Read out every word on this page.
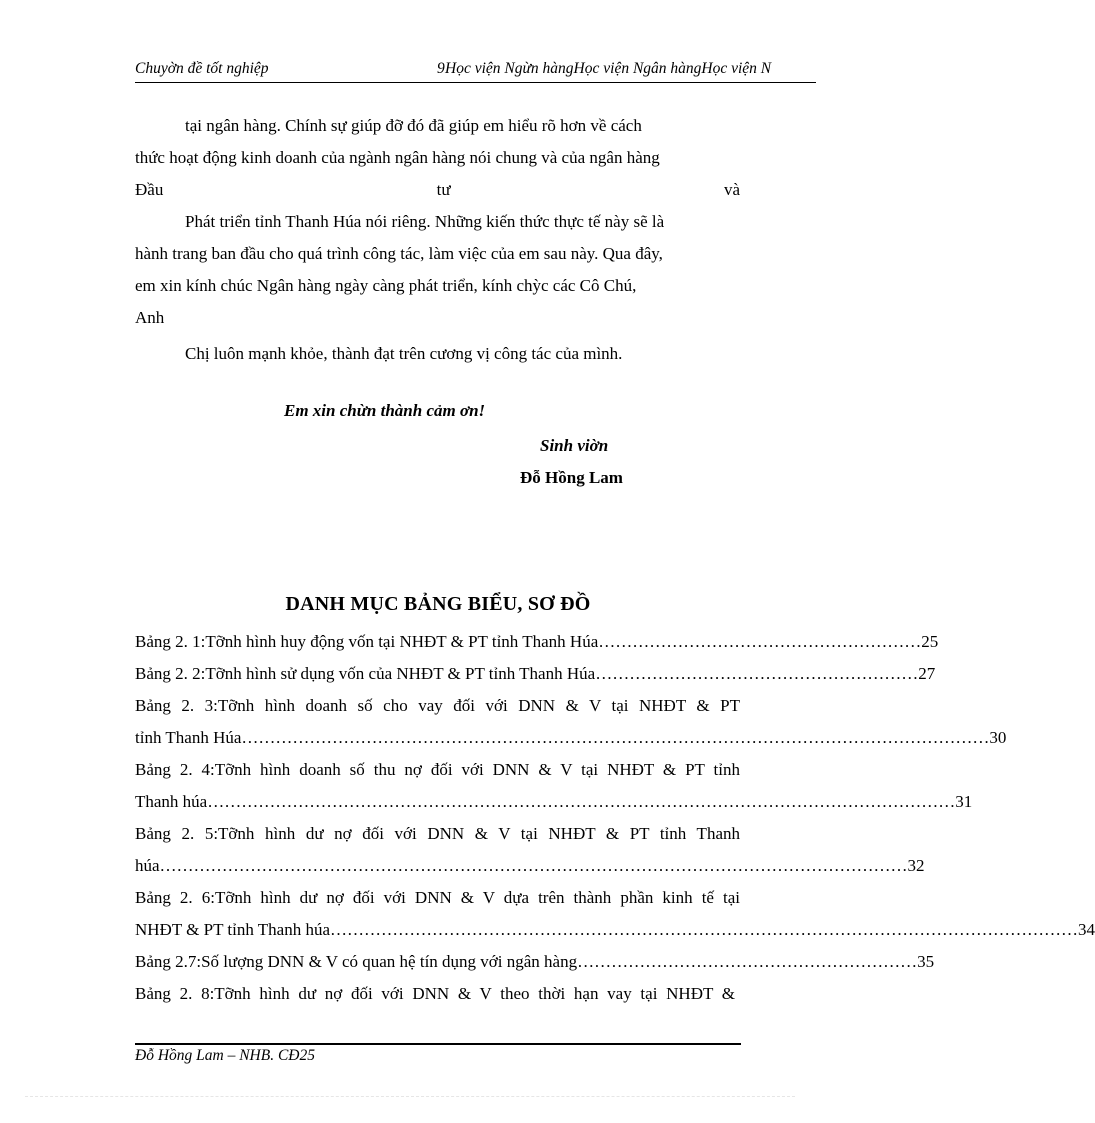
Chuyờn đề tốt nghiệp	9 Học viện Ngừn hàngHọc viện Ngân hàngHọc viện N
tại ngân hàng. Chính sự giúp đỡ đó đã giúp em hiểu rõ hơn về cách
thức hoạt động kinh doanh của ngành ngân hàng nói chung và của ngân hàng
Đầu	tư	và
Phát triển tỉnh Thanh Húa nói riêng. Những kiến thức thực tế này sẽ là
hành trang ban đầu cho quá trình công tác, làm việc của em sau này. Qua đây,
em xin kính chúc Ngân hàng ngày càng phát triển, kính chỳc các Cô Chú,
Anh
Chị luôn mạnh khỏe, thành đạt trên cương vị công tác của mình.
Em xin chừn thành cảm ơn!
Sinh viờn
Đỗ Hồng Lam
DANH MỤC BẢNG BIỂU, SƠ ĐỒ
Bảng 2. 1:Tỡnh hình huy động vốn tại NHĐT & PT tỉnh Thanh Húa ………………………………………………… 25
Bảng 2. 2:Tỡnh hình sử dụng vốn của NHĐT & PT tỉnh Thanh Húa ………………………………………………… 27
Bảng 2. 3:Tỡnh hình doanh số cho vay đối với DNN & V tại NHĐT & PT
tỉnh Thanh Húa …………………………………………………………………………………………………………………… 30
Bảng 2. 4:Tỡnh hình doanh số thu nợ đối với DNN & V tại NHĐT & PT tỉnh
Thanh húa …………………………………………………………………………………………………………………… 31
Bảng 2. 5:Tỡnh hình dư nợ đối với DNN & V tại NHĐT & PT tỉnh Thanh
húa …………………………………………………………………………………………………………………… 32
Bảng 2. 6:Tỡnh hình dư nợ đối với DNN & V dựa trên thành phần kinh tế tại
NHĐT & PT tỉnh Thanh húa …………………………………………………………………………………………………………………… 34
Bảng 2.7:Số lượng DNN & V có quan hệ tín dụng với ngân hàng… ………………………………………………… 35
Bảng 2. 8:Tỡnh hình dư nợ đối với DNN & V theo thời hạn vay tại NHĐT &
Đỗ Hồng Lam – NHB. CĐ25
